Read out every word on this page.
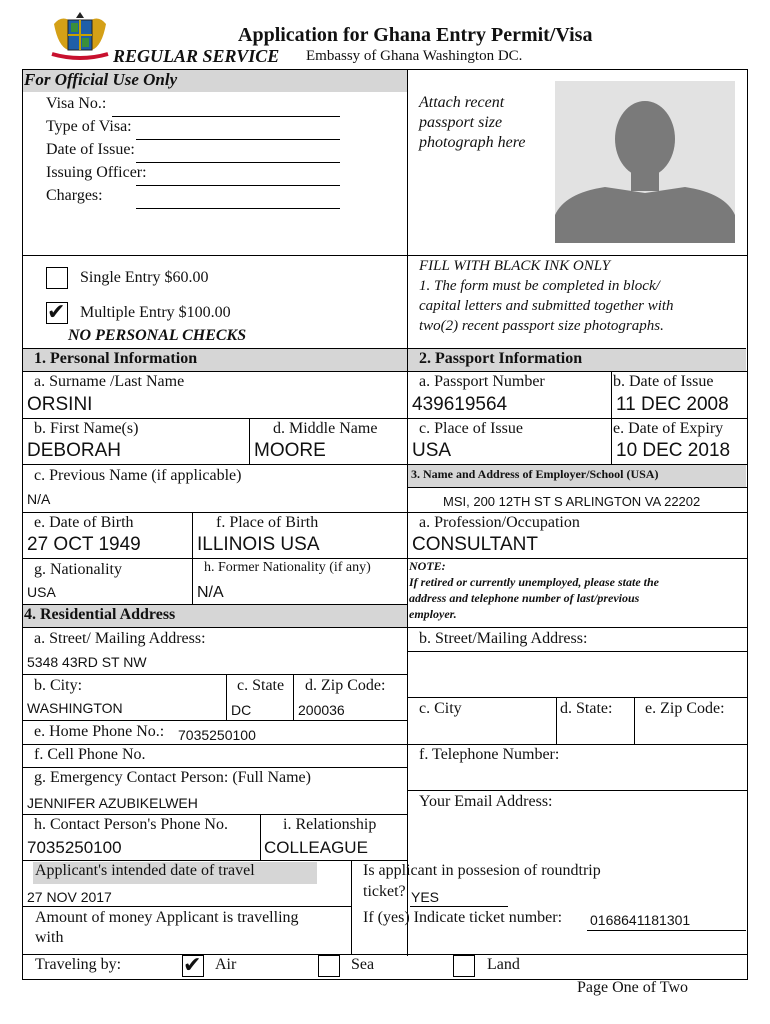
Application for Ghana Entry Permit/Visa
REGULAR SERVICE Embassy of Ghana Washington DC.
For Official Use Only
Visa No.:
Type of Visa:
Date of Issue:
Issuing Officer:
Charges:
Attach recent
passport size
photograph here
Single Entry $60.00
✔ Multiple Entry $100.00
NO PERSONAL CHECKS
FILL WITH BLACK INK ONLY
1. The form must be completed in block/
capital letters and submitted together with
two(2) recent passport size photographs.
1. Personal Information	2. Passport Information
a. Surname /Last Name
ORSINI
b. First Name(s)
DEBORAH
d. Middle Name
MOORE
c. Previous Name (if applicable)
N/A
e. Date of Birth
27 OCT 1949
f. Place of Birth
ILLINOIS USA
g. Nationality
USA
h. Former Nationality (if any)
N/A
4. Residential Address
a. Street/ Mailing Address:
5348 43RD ST NW
b. City:
WASHINGTON
c. State
DC
d. Zip Code:
200036
e. Home Phone No.: 7035250100
f. Cell Phone No.
g. Emergency Contact Person: (Full Name)
JENNIFER AZUBIKELWEH
h. Contact Person's Phone No.
7035250100
i. Relationship
COLLEAGUE
Applicant's intended date of travel
27 NOV 2017
Amount of money Applicant is travelling
with
Is applicant in possesion of roundtrip
ticket? YES
If (yes) Indicate ticket number: 0168641181301
Traveling by:	✔ Air	Sea	Land
a. Passport Number
439619564
b. Date of Issue
11 DEC 2008
c. Place of Issue
USA
e. Date of Expiry
10 DEC 2018
3. Name and Address of Employer/School (USA)
MSI, 200 12TH ST S ARLINGTON VA 22202
a. Profession/Occupation
CONSULTANT
NOTE:
If retired or currently unemployed, please state the
address and telephone number of last/previous
employer.
b. Street/Mailing Address:
c. City	d. State: e. Zip Code:
f. Telephone Number:
Your Email Address:
Page One of Two
